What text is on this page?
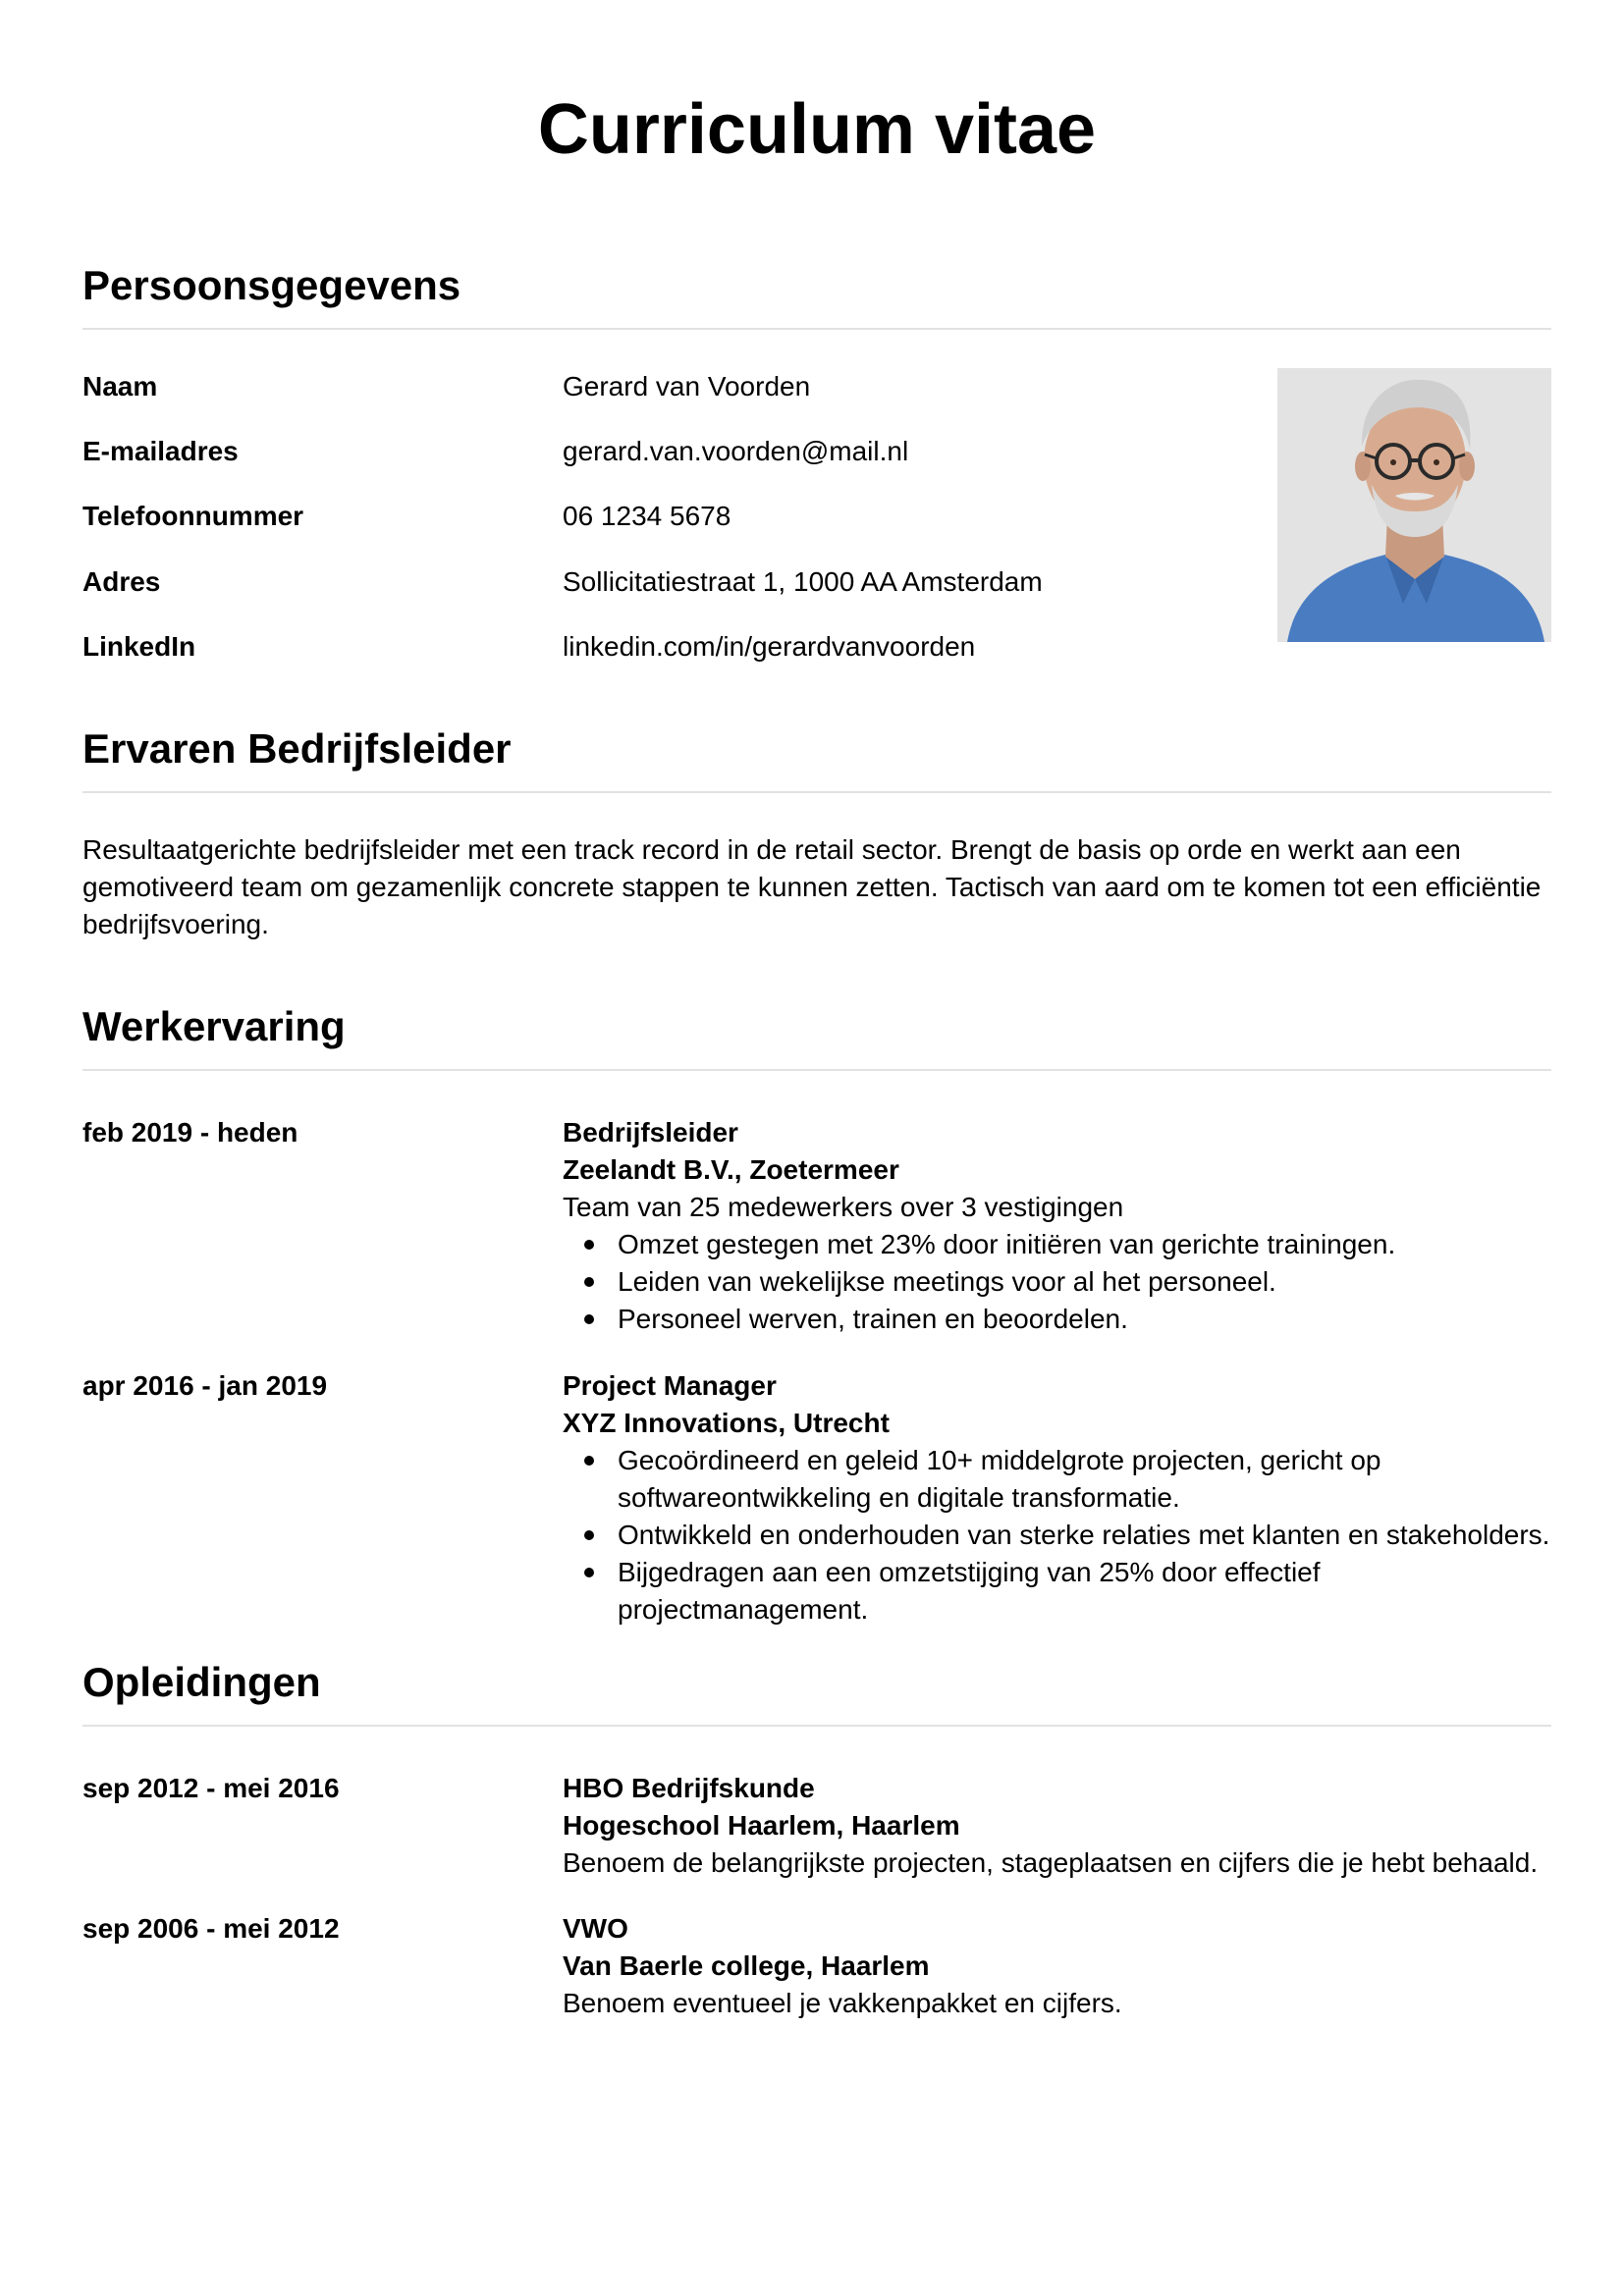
Curriculum vitae
Persoonsgegevens
Naam	Gerard van Voorden
E-mailadres	gerard.van.voorden@mail.nl
Telefoonnummer	06 1234 5678
Adres	Sollicitatiestraat 1, 1000 AA Amsterdam
LinkedIn	linkedin.com/in/gerardvanvoorden
Ervaren Bedrijfsleider

Resultaatgerichte bedrijfsleider met een track record in de retail sector. Brengt de basis op orde en werkt aan een gemotiveerd team om gezamenlijk concrete stappen te kunnen zetten. Tactisch van aard om te komen tot een efficiëntie bedrijfsvoering.

Werkervaring
feb 2019 - heden	Bedrijfsleider
Zeelandt B.V., Zoetermeer
Team van 25 medewerkers over 3 vestigingen
Omzet gestegen met 23% door initiëren van gerichte trainingen.
Leiden van wekelijkse meetings voor al het personeel.
Personeel werven, trainen en beoordelen.
apr 2016 - jan 2019	Project Manager
XYZ Innovations, Utrecht
Gecoördineerd en geleid 10+ middelgrote projecten, gericht op softwareontwikkeling en digitale transformatie.
Ontwikkeld en onderhouden van sterke relaties met klanten en stakeholders.
Bijgedragen aan een omzetstijging van 25% door effectief projectmanagement.
Opleidingen
sep 2012 - mei 2016	HBO Bedrijfskunde
Hogeschool Haarlem, Haarlem
Benoem de belangrijkste projecten, stageplaatsen en cijfers die je hebt behaald.
sep 2006 - mei 2012	VWO
Van Baerle college, Haarlem
Benoem eventueel je vakkenpakket en cijfers.
